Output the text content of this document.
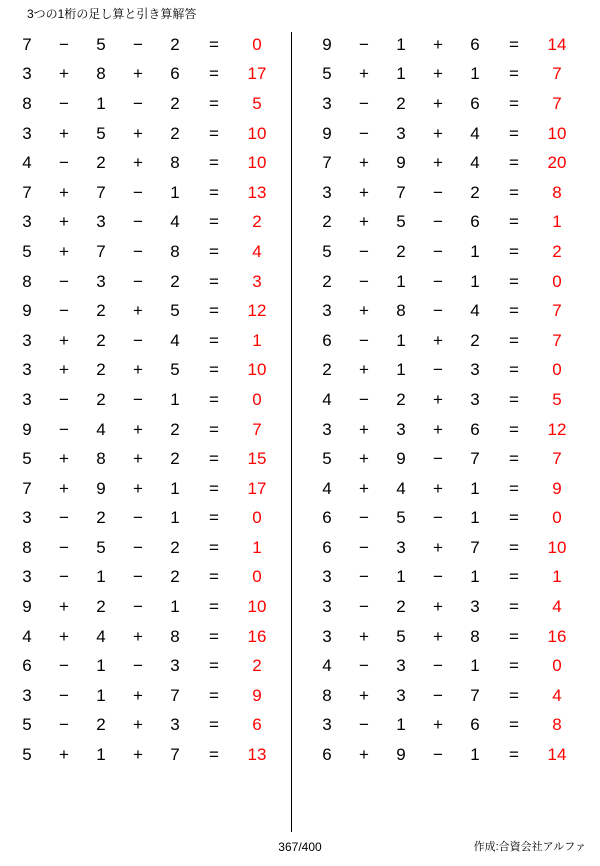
3つの1桁の足し算と引き算解答
7	−	5	−	2	=	0
3	+	8	+	6	=	17
8	−	1	−	2	=	5
3	+	5	+	2	=	10
4	−	2	+	8	=	10
7	+	7	−	1	=	13
3	+	3	−	4	=	2
5	+	7	−	8	=	4
8	−	3	−	2	=	3
9	−	2	+	5	=	12
3	+	2	−	4	=	1
3	+	2	+	5	=	10
3	−	2	−	1	=	0
9	−	4	+	2	=	7
5	+	8	+	2	=	15
7	+	9	+	1	=	17
3	−	2	−	1	=	0
8	−	5	−	2	=	1
3	−	1	−	2	=	0
9	+	2	−	1	=	10
4	+	4	+	8	=	16
6	−	1	−	3	=	2
3	−	1	+	7	=	9
5	−	2	+	3	=	6
5	+	1	+	7	=	13
9	−	1	+	6	=	14
5	+	1	+	1	=	7
3	−	2	+	6	=	7
9	−	3	+	4	=	10
7	+	9	+	4	=	20
3	+	7	−	2	=	8
2	+	5	−	6	=	1
5	−	2	−	1	=	2
2	−	1	−	1	=	0
3	+	8	−	4	=	7
6	−	1	+	2	=	7
2	+	1	−	3	=	0
4	−	2	+	3	=	5
3	+	3	+	6	=	12
5	+	9	−	7	=	7
4	+	4	+	1	=	9
6	−	5	−	1	=	0
6	−	3	+	7	=	10
3	−	1	−	1	=	1
3	−	2	+	3	=	4
3	+	5	+	8	=	16
4	−	3	−	1	=	0
8	+	3	−	7	=	4
3	−	1	+	6	=	8
6	+	9	−	1	=	14
367/400	作成:合資会社アルファ
